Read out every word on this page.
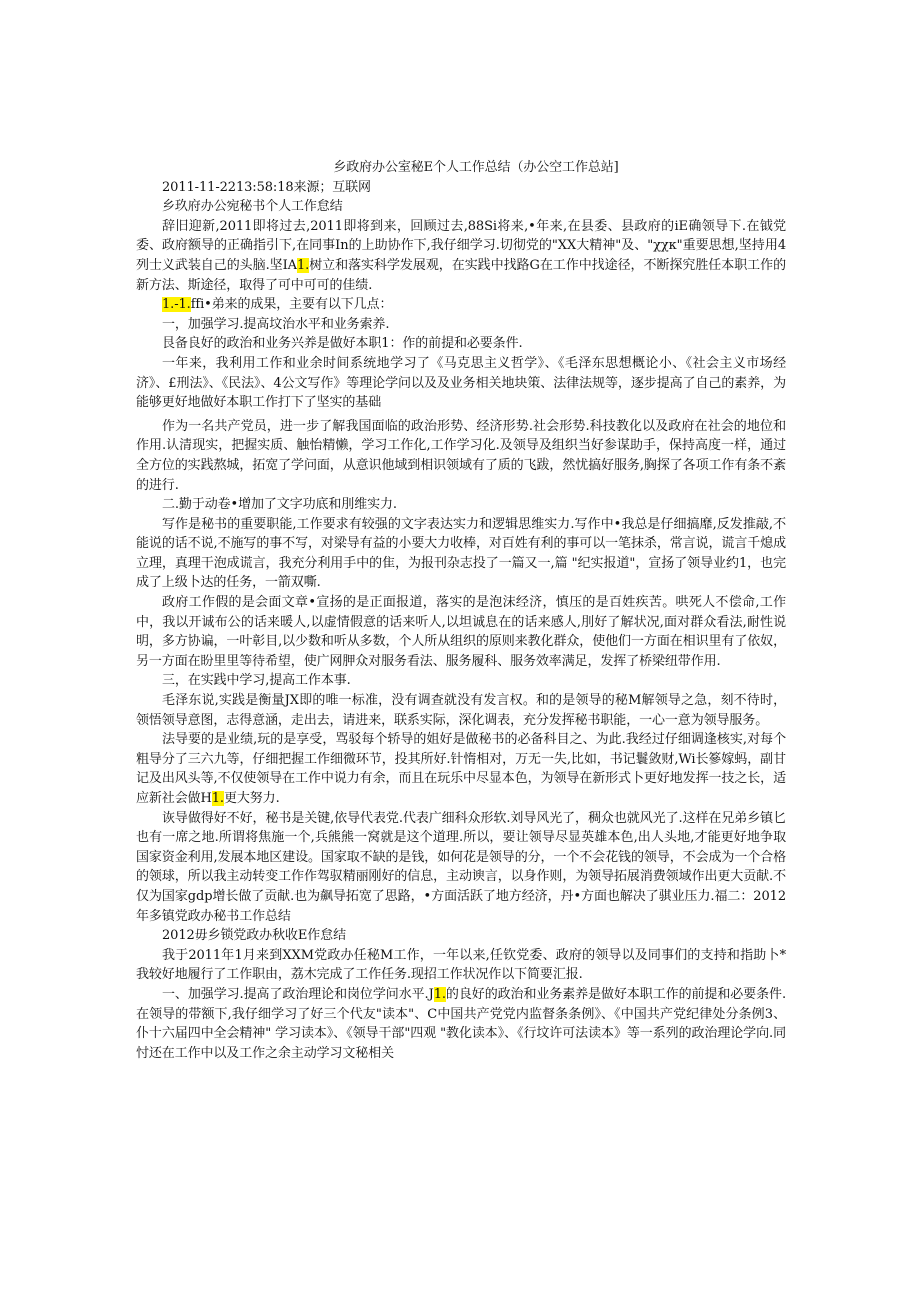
乡政府办公室秘E个人工作总结（办公空工作总站]
2011-11-2213:58:18来源；互联网
乡玖府办公宛秘书个人工作怠结
辞旧迎新,2011即将过去,2011即将到来，回顾过去,88Si将来,•年来,在县委、县政府的iE确领导下.在钺党委、政府额导的正确指引下,在同事In的上助协作下,我仔细学习.切彻党的"XX大精神"及、"χχκ"重要思想,坚持用4列士义武装自己的头脑.坚IA1.树立和落实科学发展观，在实践中找路G在工作中找途径，不断探究胜任本职工作的新方法、斯途径，取得了可中可可的佳绩.
1.-1.ffi•弟来的成果，主要有以下几点：
一，加强学习.提高坟治水平和业务索养.
艮备良好的政治和业务兴养是做好本职1：作的前提和必要条件.
一年来，我利用工作和业余时间系统地学习了《马克思主义哲学》、《毛泽东思想概论小、《社会主义市场经济》、£刑法》、《民法》、4公文写作》等理论学问以及及业务相关地块策、法律法规等，逐步提高了自己的素养，为能够更好地做好本职工作打下了坚实的基础
作为一名共产党员，进一步了解我国面临的政治形势、经济形势.社会形势.科技教化以及政府在社会的地位和作用.认清现实，把握实质、触怡精懒，学习工作化,工作学习化.及领导及组织当好参谋助手，保持高度一样，通过全方位的实践熬城，拓宽了学问面，从意识他域到相识领域有了质的飞跋，然忧搞好服务,胸探了各项工作有条不紊的进行.
二.勤于动卷•增加了文字功底和刖维实力.
写作是秘书的重要职能,工作要求有较强的文字表达实力和逻辑思维实力.写作中•我总是仔细搞靡,反发推敲,不能说的话不说,不施写的事不写，对梁导有益的小要大力收棒，对百姓有利的事可以一笔抹杀，常言说，谎言千熄成立理，真理干泡成谎言，我充分利用手中的隹，为报刊杂志投了一篇又一,篇 "纪实报道"，宣扬了领导业约1，也完成了上级卜达的任务，一箭双嘶.
政府工作假的是会面文章•宣扬的是正面报道，落实的是泡沫经济，慎压的是百姓疾苦。哄死人不偿命,工作中，我以开诚布公的话来暖人,以虚情假意的话来听人,以坦诚息在的话来感人,刖好了解状况,面对群众看法,耐性说明，多方协谝，一叶彰目,以少数和听从多数，个人所从组织的原则来教化群众，使他们一方面在相识里有了依奴，另一方面在盼里里等待希望，使广网胛众对服务看法、服务履科、服务效率满足，发挥了桥梁纽带作用.
三，在实践中学习,提高工作本事.
毛泽东说,实践是衡量JX即的唯一标准，没有调查就没有发言权。和的是领导的秘M解领导之急，刻不待时，领悟领导意图，志得意涵，走出去，请进来，联系实际，深化调表，充分发挥秘书职能，一心一意为领导服务。
法导要的是业绩,玩的是享受，骂驳每个轿导的姐好是做秘书的必备科目之、为此.我经过仔细调逢核实,对每个粗导分了三六九等，仔细把握工作细微环节，投其所好.针惰相对，万无一失,比如，书记鬟敛财,Wi长篸嫁蚂，副甘记及出风头等,不仅使领导在工作中说力有余，而且在玩乐中尽显本色，为领导在新形式卜更好地发挥一技之长，适应新社会做H1.更大努力.
诙导做得好不好，秘书是关键,依导代表党.代表广细科众形软.刘导风光了，稠众也就风光了.这样在兄弟乡镇匕也有一席之地.所谓将焦施一个,兵熊熊一窝就是这个道理.所以，要让领导尽显英雄本色,出人头地,才能更好地争取国家资金利用,发展本地区建设。国家取不缺的是钱，如何花是领导的分，一个不会花钱的领导，不会成为一个合格的领球，所以我主动转变工作作驾驭精丽刚好的信息，主动谀言，以身作则，为领导拓展消费领域作出更大贡献.不仅为国家gdp增长做了贡献.也为飙导拓宽了思路，•方面活跃了地方经济，丹•方面也解决了骐业压力.福二：2012年多镇党政办秘书工作总结
2012毋乡锁党政办秋收E作怠结
我于2011年1月来到XXM党政办任秘M工作，一年以来,任钦党委、政府的领导以及同事们的支持和指助卜*我较好地履行了工作职由，荔木完成了工作任务.现招工作状况作以下简要汇报.
一、加强学习.提高了政治理论和岗位学问水平.J1.的良好的政治和业务素养是做好本职工作的前提和必要条件.在领导的带额下,我仔细学习了好三个代友"读本"、C中国共产党党内监督条条例》、《中国共产党纪律处分条例3、仆十六届四中全会精神" 学习读本》、《领导干部"四观 "教化读本》、《行坟许可法读本》等一系列的政治理论学向.同忖还在工作中以及工作之余主动学习文秘相关
